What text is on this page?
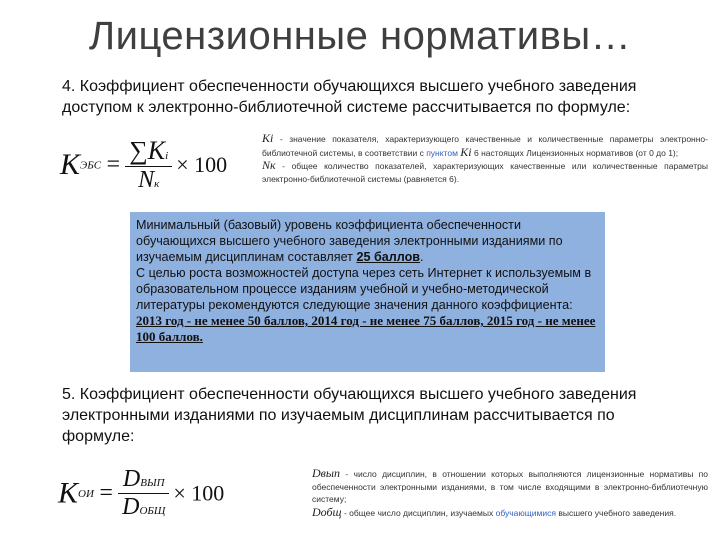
Лицензионные нормативы…
4. Коэффициент обеспеченности обучающихся высшего учебного заведения доступом к электронно-библиотечной системе рассчитывается по формуле:
KЭБС = $\frac{\sum Ki}{Nк} \times 100$
Ki - значение показателя, характеризующего качественные и количественные параметры электронно-библиотечной системы, в соответствии с пунктом Ki 6 настоящих Лицензионных нормативов (от 0 до 1);
Nк - общее количество показателей, характеризующих качественные или количественные параметры электронно-библиотечной системы (равняется 6).
Минимальный (базовый) уровень коэффициента обеспеченности обучающихся высшего учебного заведения электронными изданиями по изучаемым дисциплинам составляет 25 баллов.
С целью роста возможностей доступа через сеть Интернет к используемым в образовательном процессе изданиям учебной и учебно-методической литературы рекомендуются следующие значения данного коэффициента:
2013 год - не менее 50 баллов, 2014 год - не менее 75 баллов, 2015 год - не менее 100 баллов.
5. Коэффициент обеспеченности обучающихся высшего учебного заведения электронными изданиями по изучаемым дисциплинам рассчитывается по формуле:
KОИ = $\frac{\text{DВЫП}}{\text{DОБЩ}} \times 100$
Dвып - число дисциплин, в отношении которых выполняются лицензионные нормативы по обеспеченности электронными изданиями, в том числе входящими в электронно-библиотечную систему;
Dобщ - общее число дисциплин, изучаемых обучающимися высшего учебного заведения.
